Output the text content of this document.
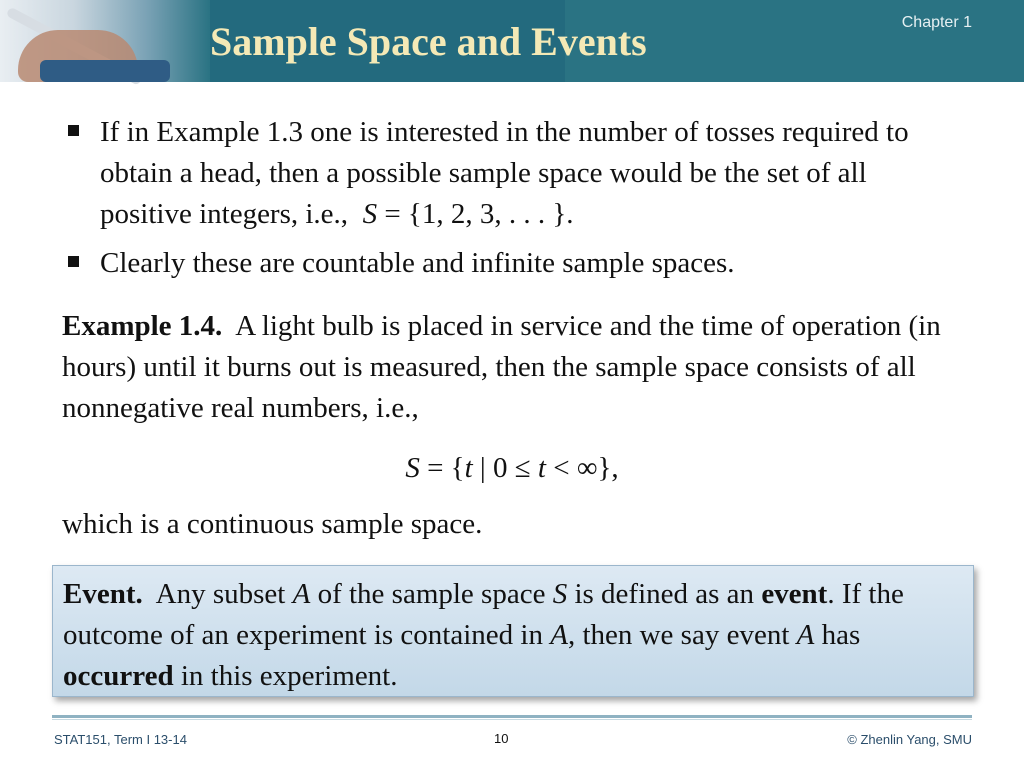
Sample Space and Events	Chapter 1
If in Example 1.3 one is interested in the number of tosses required to obtain a head, then a possible sample space would be the set of all positive integers, i.e., S = {1, 2, 3, . . . }.
Clearly these are countable and infinite sample spaces.
Example 1.4. A light bulb is placed in service and the time of operation (in hours) until it burns out is measured, then the sample space consists of all nonnegative real numbers, i.e.,
S = {t | 0 ≤ t < ∞},
which is a continuous sample space.
Event. Any subset A of the sample space S is defined as an event. If the outcome of an experiment is contained in A, then we say event A has occurred in this experiment.
STAT151, Term I 13-14	10	© Zhenlin Yang, SMU
